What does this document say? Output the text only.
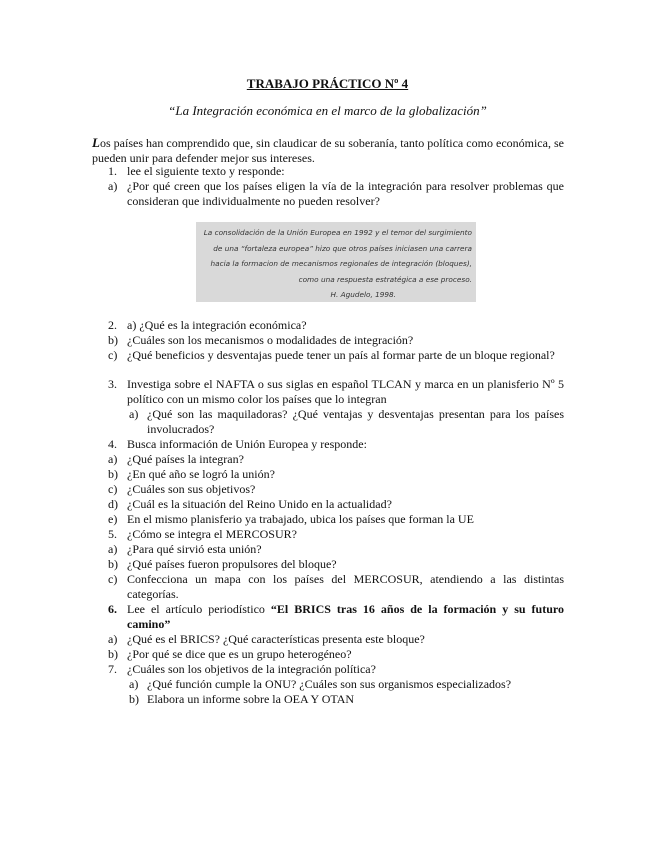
TRABAJO PRÁCTICO Nº 4
“La Integración económica en el marco de la globalización”
Los países han comprendido que, sin claudicar de su soberanía, tanto política como económica, se pueden unir para defender mejor sus intereses.
1. lee el siguiente texto y responde:
a) ¿Por qué creen que los países eligen la vía de la integración para resolver problemas que consideran que individualmente no pueden resolver?
La consolidación de la Unión Europea en 1992 y el temor del surgimiento de una “fortaleza europea” hizo que otros países iniciasen una carrera hacia la formacion de mecanismos regionales de integración (bloques), como una respuesta estratégica a ese proceso.
H. Agudelo, 1998.
2. a) ¿Qué es la integración económica?
b) ¿Cuáles son los mecanismos o modalidades de integración?
c) ¿Qué beneficios y desventajas puede tener un país al formar parte de un bloque regional?
3. Investiga sobre el NAFTA o sus siglas en español TLCAN y marca en un planisferio Nº 5 político con un mismo color los países que lo integran
a) ¿Qué son las maquiladoras? ¿Qué ventajas y desventajas presentan para los países involucrados?
4. Busca información de Unión Europea y responde:
a) ¿Qué países la integran?
b) ¿En qué año se logró la unión?
c) ¿Cuáles son sus objetivos?
d) ¿Cuál es la situación del Reino Unido en la actualidad?
e) En el mismo planisferio ya trabajado, ubica los países que forman la UE
5. ¿Cómo se integra el MERCOSUR?
a) ¿Para qué sirvió esta unión?
b) ¿Qué países fueron propulsores del bloque?
c) Confecciona un mapa con los países del MERCOSUR, atendiendo a las distintas categorías.
6. Lee el artículo periodístico “El BRICS tras 16 años de la formación y su futuro camino”
a) ¿Qué es el BRICS? ¿Qué características presenta este bloque?
b) ¿Por qué se dice que es un grupo heterogéneo?
7. ¿Cuáles son los objetivos de la integración política?
a) ¿Qué función cumple la ONU? ¿Cuáles son sus organismos especializados?
b) Elabora un informe sobre la OEA Y OTAN
